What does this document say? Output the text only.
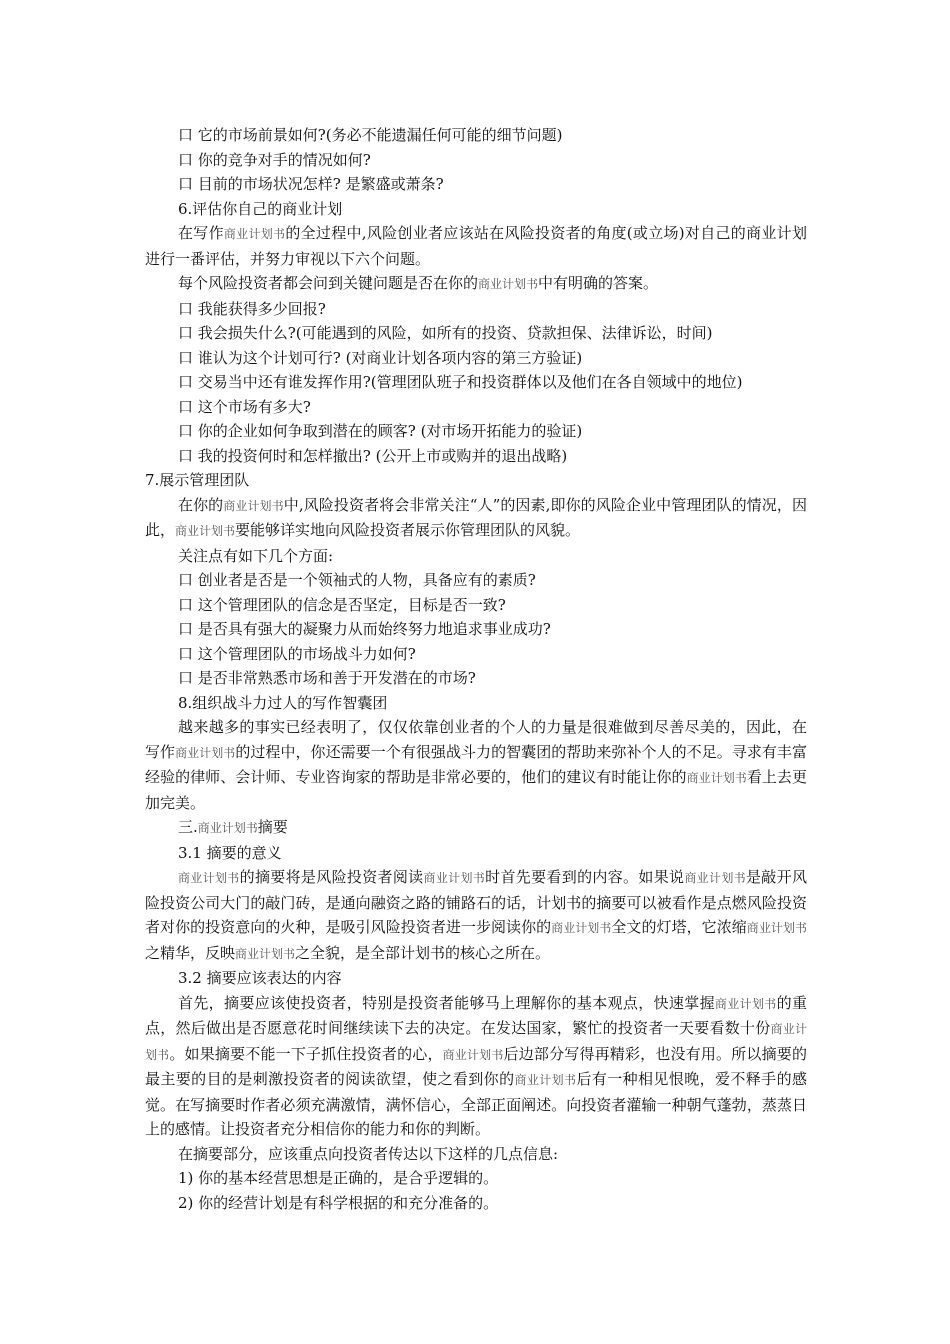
口 它的市场前景如何?(务必不能遗漏任何可能的细节问题)

口 你的竞争对手的情况如何?

口 目前的市场状况怎样? 是繁盛或萧条?

6.评估你自己的商业计划

在写作商业计划书的全过程中,风险创业者应该站在风险投资者的角度(或立场)对自己的商业计划进行一番评估，并努力审视以下六个问题。

每个风险投资者都会问到关键问题是否在你的商业计划书中有明确的答案。

口 我能获得多少回报?

口 我会损失什么?(可能遇到的风险，如所有的投资、贷款担保、法律诉讼，时间)

口 谁认为这个计划可行? (对商业计划各项内容的第三方验证)

口 交易当中还有谁发挥作用?(管理团队班子和投资群体以及他们在各自领域中的地位)

口 这个市场有多大?

口 你的企业如何争取到潜在的顾客? (对市场开拓能力的验证)

口 我的投资何时和怎样撤出? (公开上市或购并的退出战略)

7.展示管理团队

在你的商业计划书中,风险投资者将会非常关注“人”的因素,即你的风险企业中管理团队的情况，因此，商业计划书要能够详实地向风险投资者展示你管理团队的风貌。

关注点有如下几个方面:

口 创业者是否是一个领袖式的人物，具备应有的素质?

口 这个管理团队的信念是否坚定，目标是否一致?

口 是否具有强大的凝聚力从而始终努力地追求事业成功?

口 这个管理团队的市场战斗力如何?

口 是否非常熟悉市场和善于开发潜在的市场?

8.组织战斗力过人的写作智囊团

越来越多的事实已经表明了，仅仅依靠创业者的个人的力量是很难做到尽善尽美的，因此，在写作商业计划书的过程中，你还需要一个有很强战斗力的智囊团的帮助来弥补个人的不足。寻求有丰富经验的律师、会计师、专业咨询家的帮助是非常必要的，他们的建议有时能让你的商业计划书看上去更加完美。

三.商业计划书摘要

3.1 摘要的意义

商业计划书的摘要将是风险投资者阅读商业计划书时首先要看到的内容。如果说商业计划书是敲开风险投资公司大门的敲门砖，是通向融资之路的铺路石的话，计划书的摘要可以被看作是点燃风险投资者对你的投资意向的火种，是吸引风险投资者进一步阅读你的商业计划书全文的灯塔，它浓缩商业计划书之精华，反映商业计划书之全貌，是全部计划书的核心之所在。

3.2 摘要应该表达的内容

首先，摘要应该使投资者，特别是投资者能够马上理解你的基本观点，快速掌握商业计划书的重点，然后做出是否愿意花时间继续读下去的决定。在发达国家，繁忙的投资者一天要看数十份商业计划书。如果摘要不能一下子抓住投资者的心，商业计划书后边部分写得再精彩，也没有用。所以摘要的最主要的目的是刺激投资者的阅读欲望，使之看到你的商业计划书后有一种相见恨晚，爱不释手的感觉。在写摘要时作者必须充满激情，满怀信心，全部正面阐述。向投资者灌输一种朝气蓬勃，蒸蒸日上的感情。让投资者充分相信你的能力和你的判断。

在摘要部分，应该重点向投资者传达以下这样的几点信息:

1) 你的基本经营思想是正确的，是合乎逻辑的。

2) 你的经营计划是有科学根据的和充分准备的。
